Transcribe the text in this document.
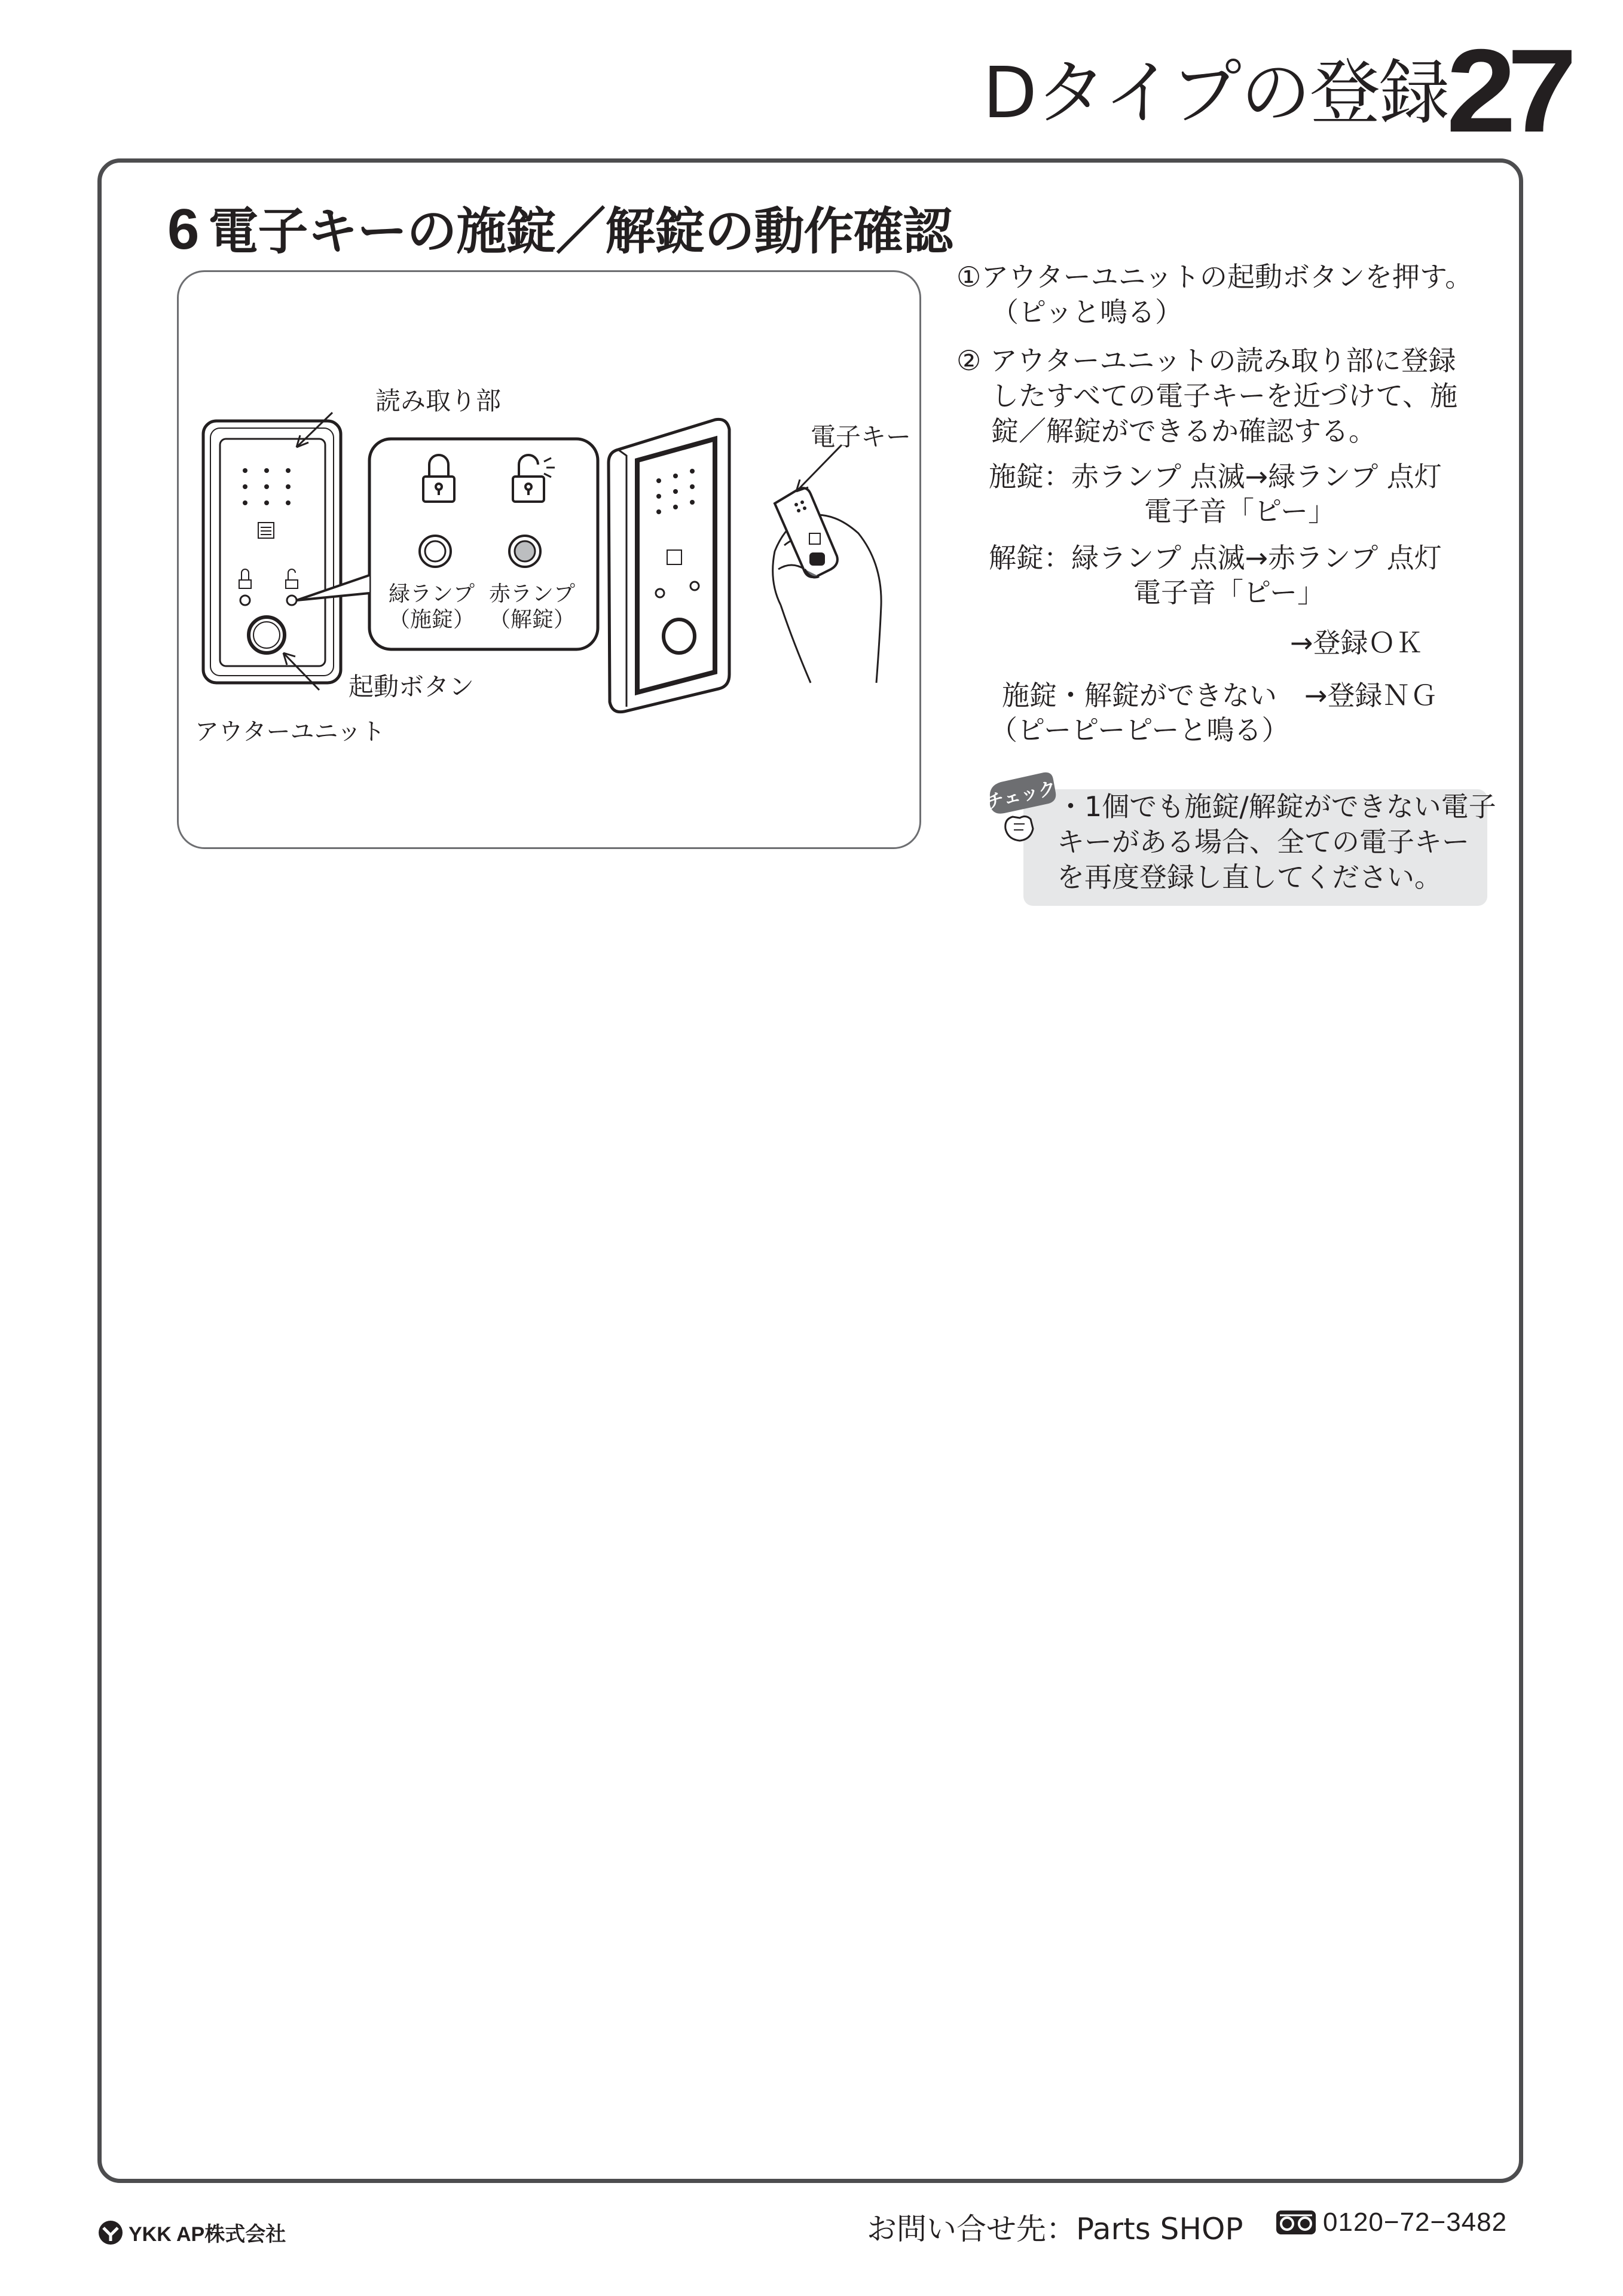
Dタイプの登録
27
6 電子キーの施錠／解錠の動作確認
読み取り部
電子キー
起動ボタン
アウターユニット
緑ランプ
（施錠）
赤ランプ
（解錠）
①アウターユニットの起動ボタンを押す。
（ピッと鳴る）
② アウターユニットの読み取り部に登録
したすべての電子キーを近づけて、施
錠／解錠ができるか確認する。
施錠：赤ランプ 点滅→緑ランプ 点灯
電子音「ピー」
解錠：緑ランプ 点滅→赤ランプ 点灯
電子音「ピー」
→登録ＯＫ
施錠・解錠ができない　→登録ＮＧ
（ピーピーピーと鳴る）
・1個でも施錠/解錠ができない電子
キーがある場合、全ての電子キー
を再度登録し直してください。
チェック
YKK AP株式会社	お問い合せ先：Parts SHOP	0120−72−3482
